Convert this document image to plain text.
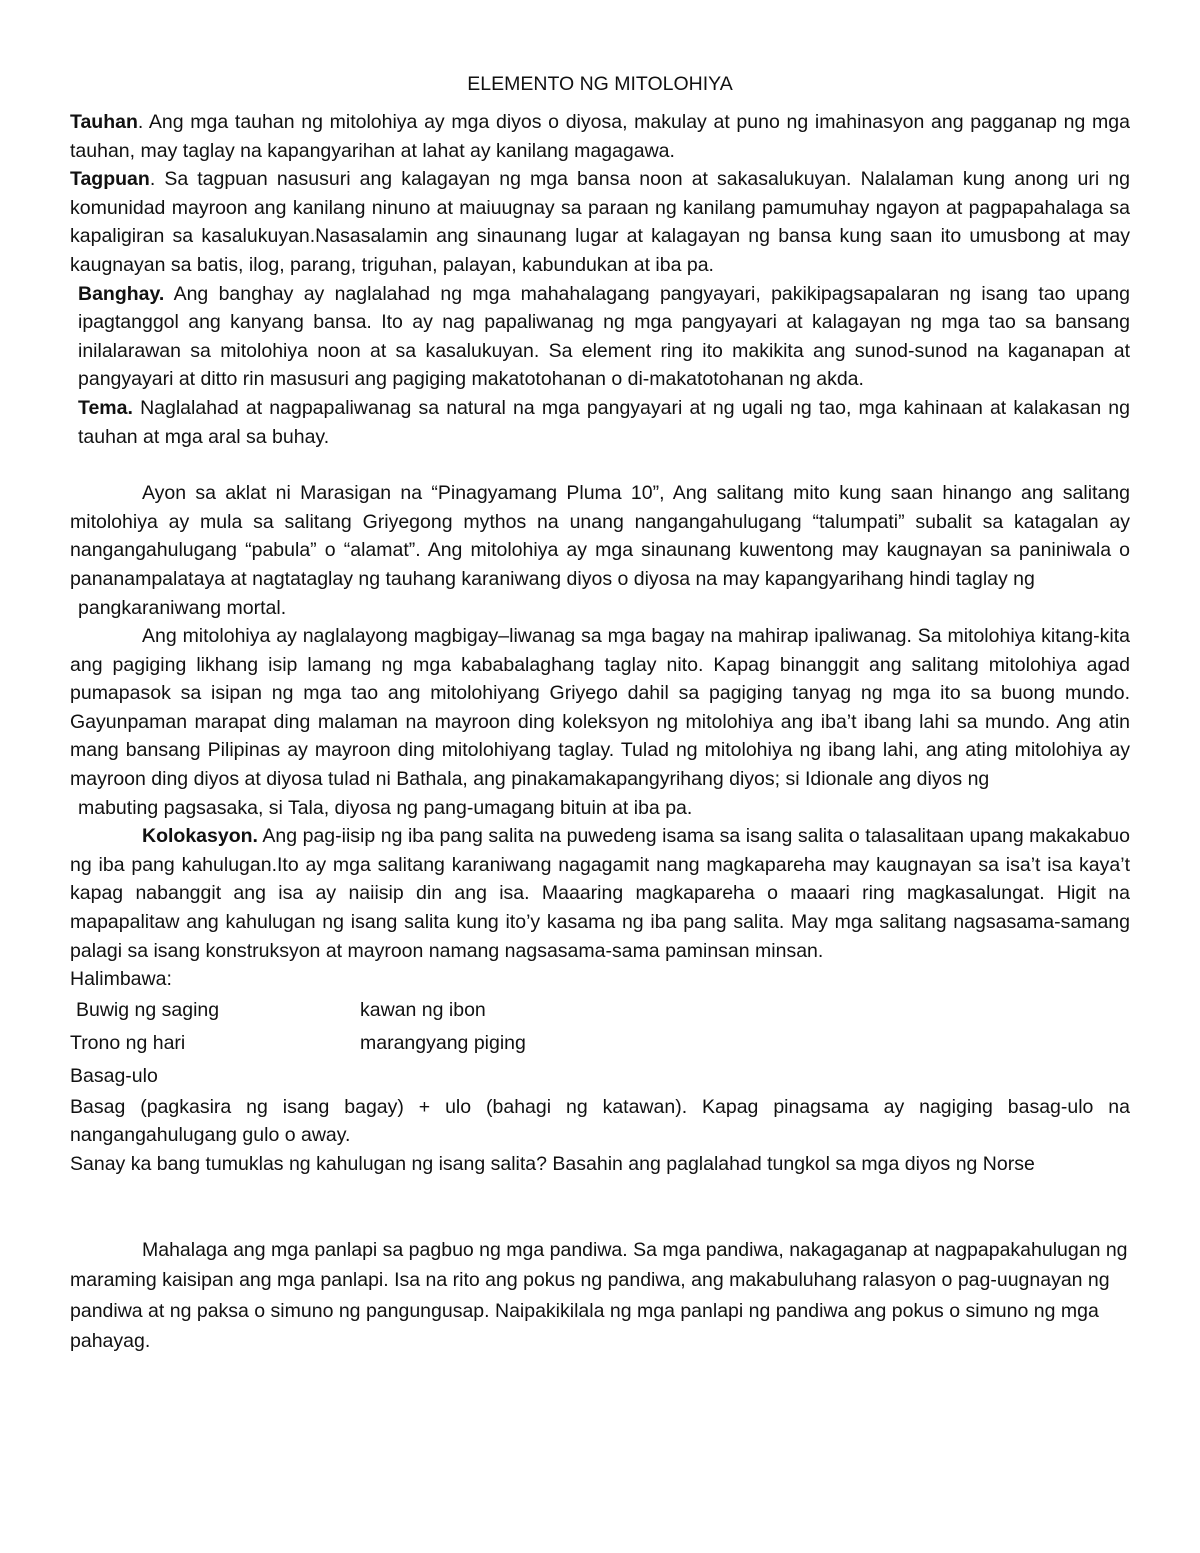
ELEMENTO NG MITOLOHIYA

Tauhan. Ang mga tauhan ng mitolohiya ay mga diyos o diyosa, makulay at puno ng imahinasyon ang pagganap ng mga tauhan, may taglay na kapangyarihan at lahat ay kanilang magagawa.

Tagpuan. Sa tagpuan nasusuri ang kalagayan ng mga bansa noon at sakasalukuyan. Nalalaman kung anong uri ng komunidad mayroon ang kanilang ninuno at maiuugnay sa paraan ng kanilang pamumuhay ngayon at pagpapahalaga sa kapaligiran sa kasalukuyan.Nasasalamin ang sinaunang lugar at kalagayan ng bansa kung saan ito umusbong at may kaugnayan sa batis, ilog, parang, triguhan, palayan, kabundukan at iba pa.

Banghay. Ang banghay ay naglalahad ng mga mahahalagang pangyayari, pakikipagsapalaran ng isang tao upang ipagtanggol ang kanyang bansa. Ito ay nag papaliwanag ng mga pangyayari at kalagayan ng mga tao sa bansang inilalarawan sa mitolohiya noon at sa kasalukuyan. Sa element ring ito makikita ang sunod-sunod na kaganapan at pangyayari at ditto rin masusuri ang pagiging makatotohanan o di-makatotohanan ng akda.

Tema. Naglalahad at nagpapaliwanag sa natural na mga pangyayari at ng ugali ng tao, mga kahinaan at kalakasan ng tauhan at mga aral sa buhay.

Ayon sa aklat ni Marasigan na “Pinagyamang Pluma 10”, Ang salitang mito kung saan hinango ang salitang mitolohiya ay mula sa salitang Griyegong mythos na unang nangangahulugang “talumpati” subalit sa katagalan ay nangangahulugang “pabula” o “alamat”. Ang mitolohiya ay mga sinaunang kuwentong may kaugnayan sa paniniwala o pananampalataya at nagtataglay ng tauhang karaniwang diyos o diyosa na may kapangyarihang hindi taglay ng

pangkaraniwang mortal.

Ang mitolohiya ay naglalayong magbigay–liwanag sa mga bagay na mahirap ipaliwanag. Sa mitolohiya kitang-kita ang pagiging likhang isip lamang ng mga kababalaghang taglay nito. Kapag binanggit ang salitang mitolohiya agad pumapasok sa isipan ng mga tao ang mitolohiyang Griyego dahil sa pagiging tanyag ng mga ito sa buong mundo. Gayunpaman marapat ding malaman na mayroon ding koleksyon ng mitolohiya ang iba’t ibang lahi sa mundo. Ang atin mang bansang Pilipinas ay mayroon ding mitolohiyang taglay. Tulad ng mitolohiya ng ibang lahi, ang ating mitolohiya ay mayroon ding diyos at diyosa tulad ni Bathala, ang pinakamakapangyrihang diyos; si Idionale ang diyos ng

mabuting pagsasaka, si Tala, diyosa ng pang-umagang bituin at iba pa.

Kolokasyon. Ang pag-iisip ng iba pang salita na puwedeng isama sa isang salita o talasalitaan upang makakabuo ng iba pang kahulugan.Ito ay mga salitang karaniwang nagagamit nang magkapareha may kaugnayan sa isa’t isa kaya’t kapag nabanggit ang isa ay naiisip din ang isa. Maaaring magkapareha o maaari ring magkasalungat. Higit na mapapalitaw ang kahulugan ng isang salita kung ito’y kasama ng iba pang salita. May mga salitang nagsasama-samang palagi sa isang konstruksyon at mayroon namang nagsasama-sama paminsan minsan.

Halimbawa:

Buwig ng saging	kawan ng ibon
Trono ng hari	marangyang piging
Basag-ulo

Basag (pagkasira ng isang bagay) + ulo (bahagi ng katawan). Kapag pinagsama ay nagiging basag-ulo na nangangahulugang gulo o away.

Sanay ka bang tumuklas ng kahulugan ng isang salita? Basahin ang paglalahad tungkol sa mga diyos ng Norse

Mahalaga ang mga panlapi sa pagbuo ng mga pandiwa. Sa mga pandiwa, nakagaganap at nagpapakahulugan ng maraming kaisipan ang mga panlapi. Isa na rito ang pokus ng pandiwa, ang makabuluhang ralasyon o pag-uugnayan ng pandiwa at ng paksa o simuno ng pangungusap. Naipakikilala ng mga panlapi ng pandiwa ang pokus o simuno ng mga pahayag.
